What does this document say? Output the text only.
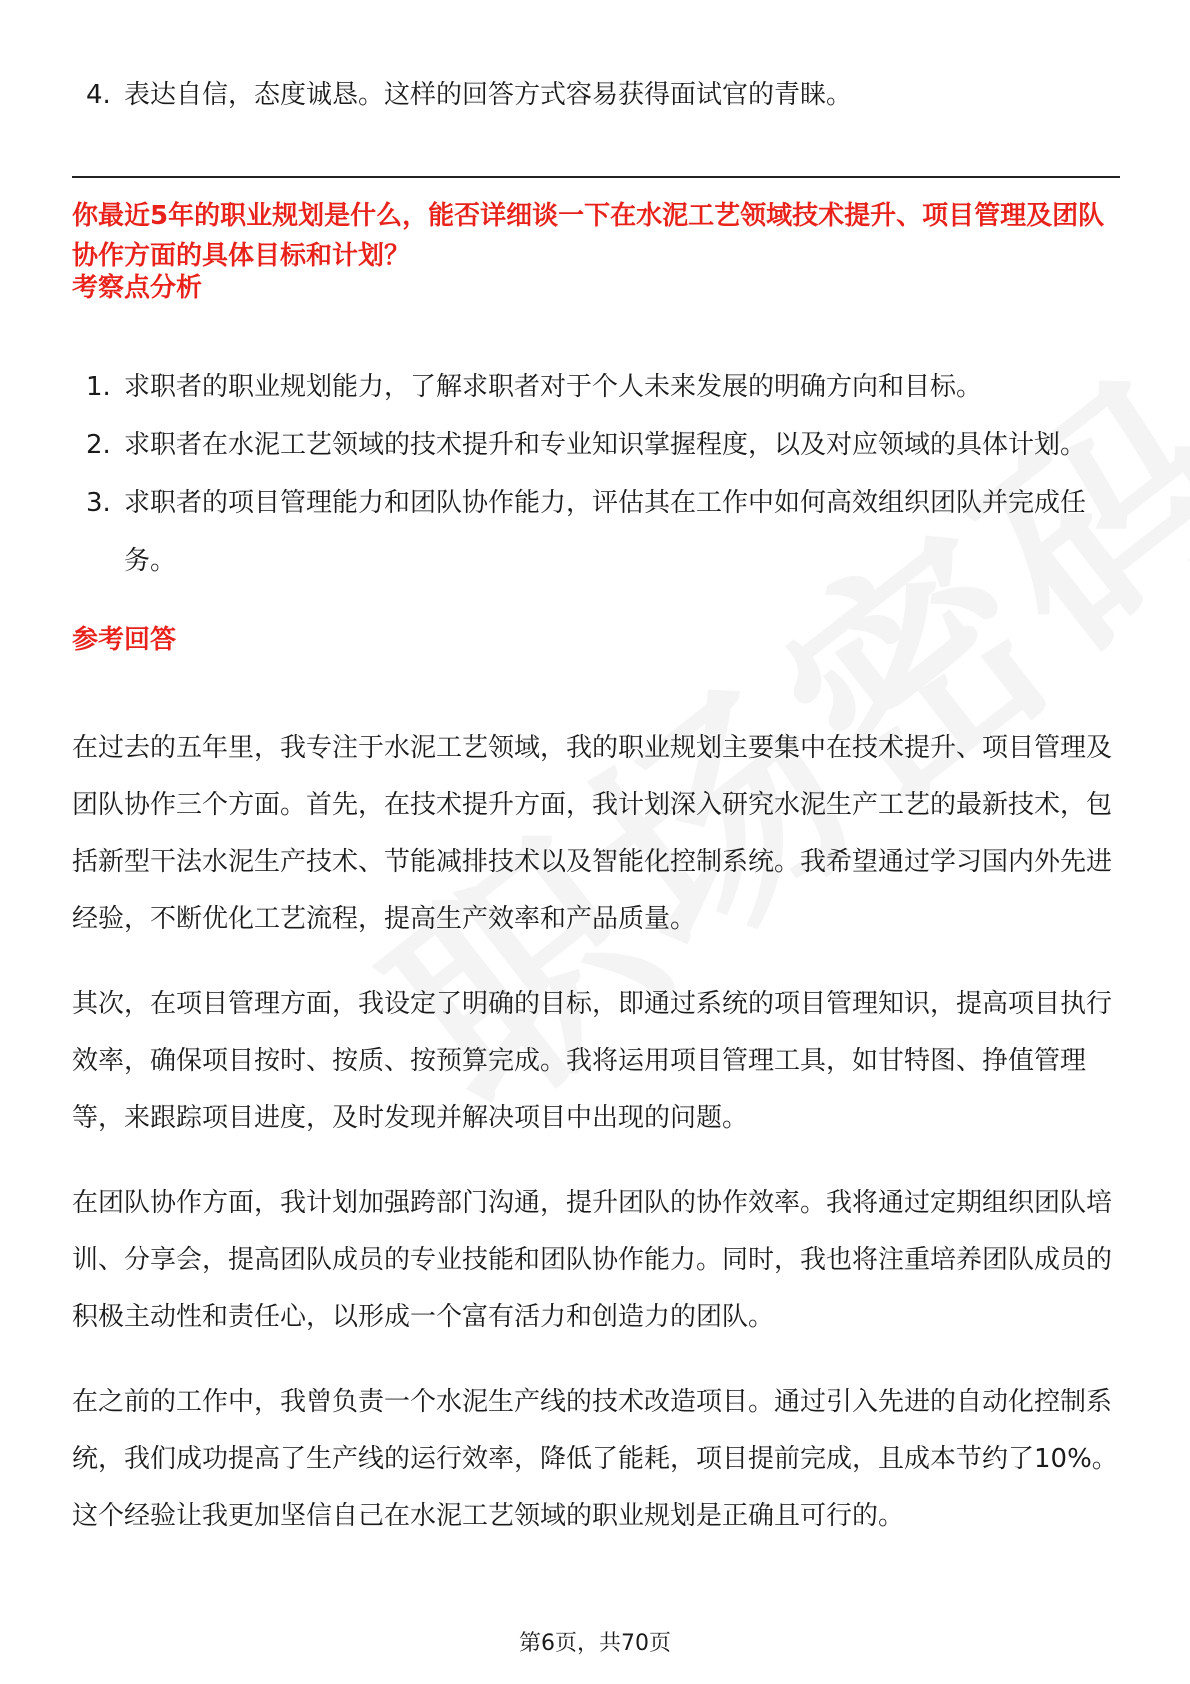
4. 表达自信，态度诚恳。这样的回答方式容易获得面试官的青睐。
你最近5年的职业规划是什么，能否详细谈一下在水泥工艺领域技术提升、项目管理及团队协作方面的具体目标和计划？
考察点分析
1. 求职者的职业规划能力，了解求职者对于个人未来发展的明确方向和目标。
2. 求职者在水泥工艺领域的技术提升和专业知识掌握程度，以及对应领域的具体计划。
3. 求职者的项目管理能力和团队协作能力，评估其在工作中如何高效组织团队并完成任务。
参考回答

在过去的五年里，我专注于水泥工艺领域，我的职业规划主要集中在技术提升、项目管理及团队协作三个方面。首先，在技术提升方面，我计划深入研究水泥生产工艺的最新技术，包括新型干法水泥生产技术、节能减排技术以及智能化控制系统。我希望通过学习国内外先进经验，不断优化工艺流程，提高生产效率和产品质量。

其次，在项目管理方面，我设定了明确的目标，即通过系统的项目管理知识，提高项目执行效率，确保项目按时、按质、按预算完成。我将运用项目管理工具，如甘特图、挣值管理等，来跟踪项目进度，及时发现并解决项目中出现的问题。

在团队协作方面，我计划加强跨部门沟通，提升团队的协作效率。我将通过定期组织团队培训、分享会，提高团队成员的专业技能和团队协作能力。同时，我也将注重培养团队成员的积极主动性和责任心，以形成一个富有活力和创造力的团队。

在之前的工作中，我曾负责一个水泥生产线的技术改造项目。通过引入先进的自动化控制系统，我们成功提高了生产线的运行效率，降低了能耗，项目提前完成，且成本节约了10%。这个经验让我更加坚信自己在水泥工艺领域的职业规划是正确且可行的。

第6页，共70页
